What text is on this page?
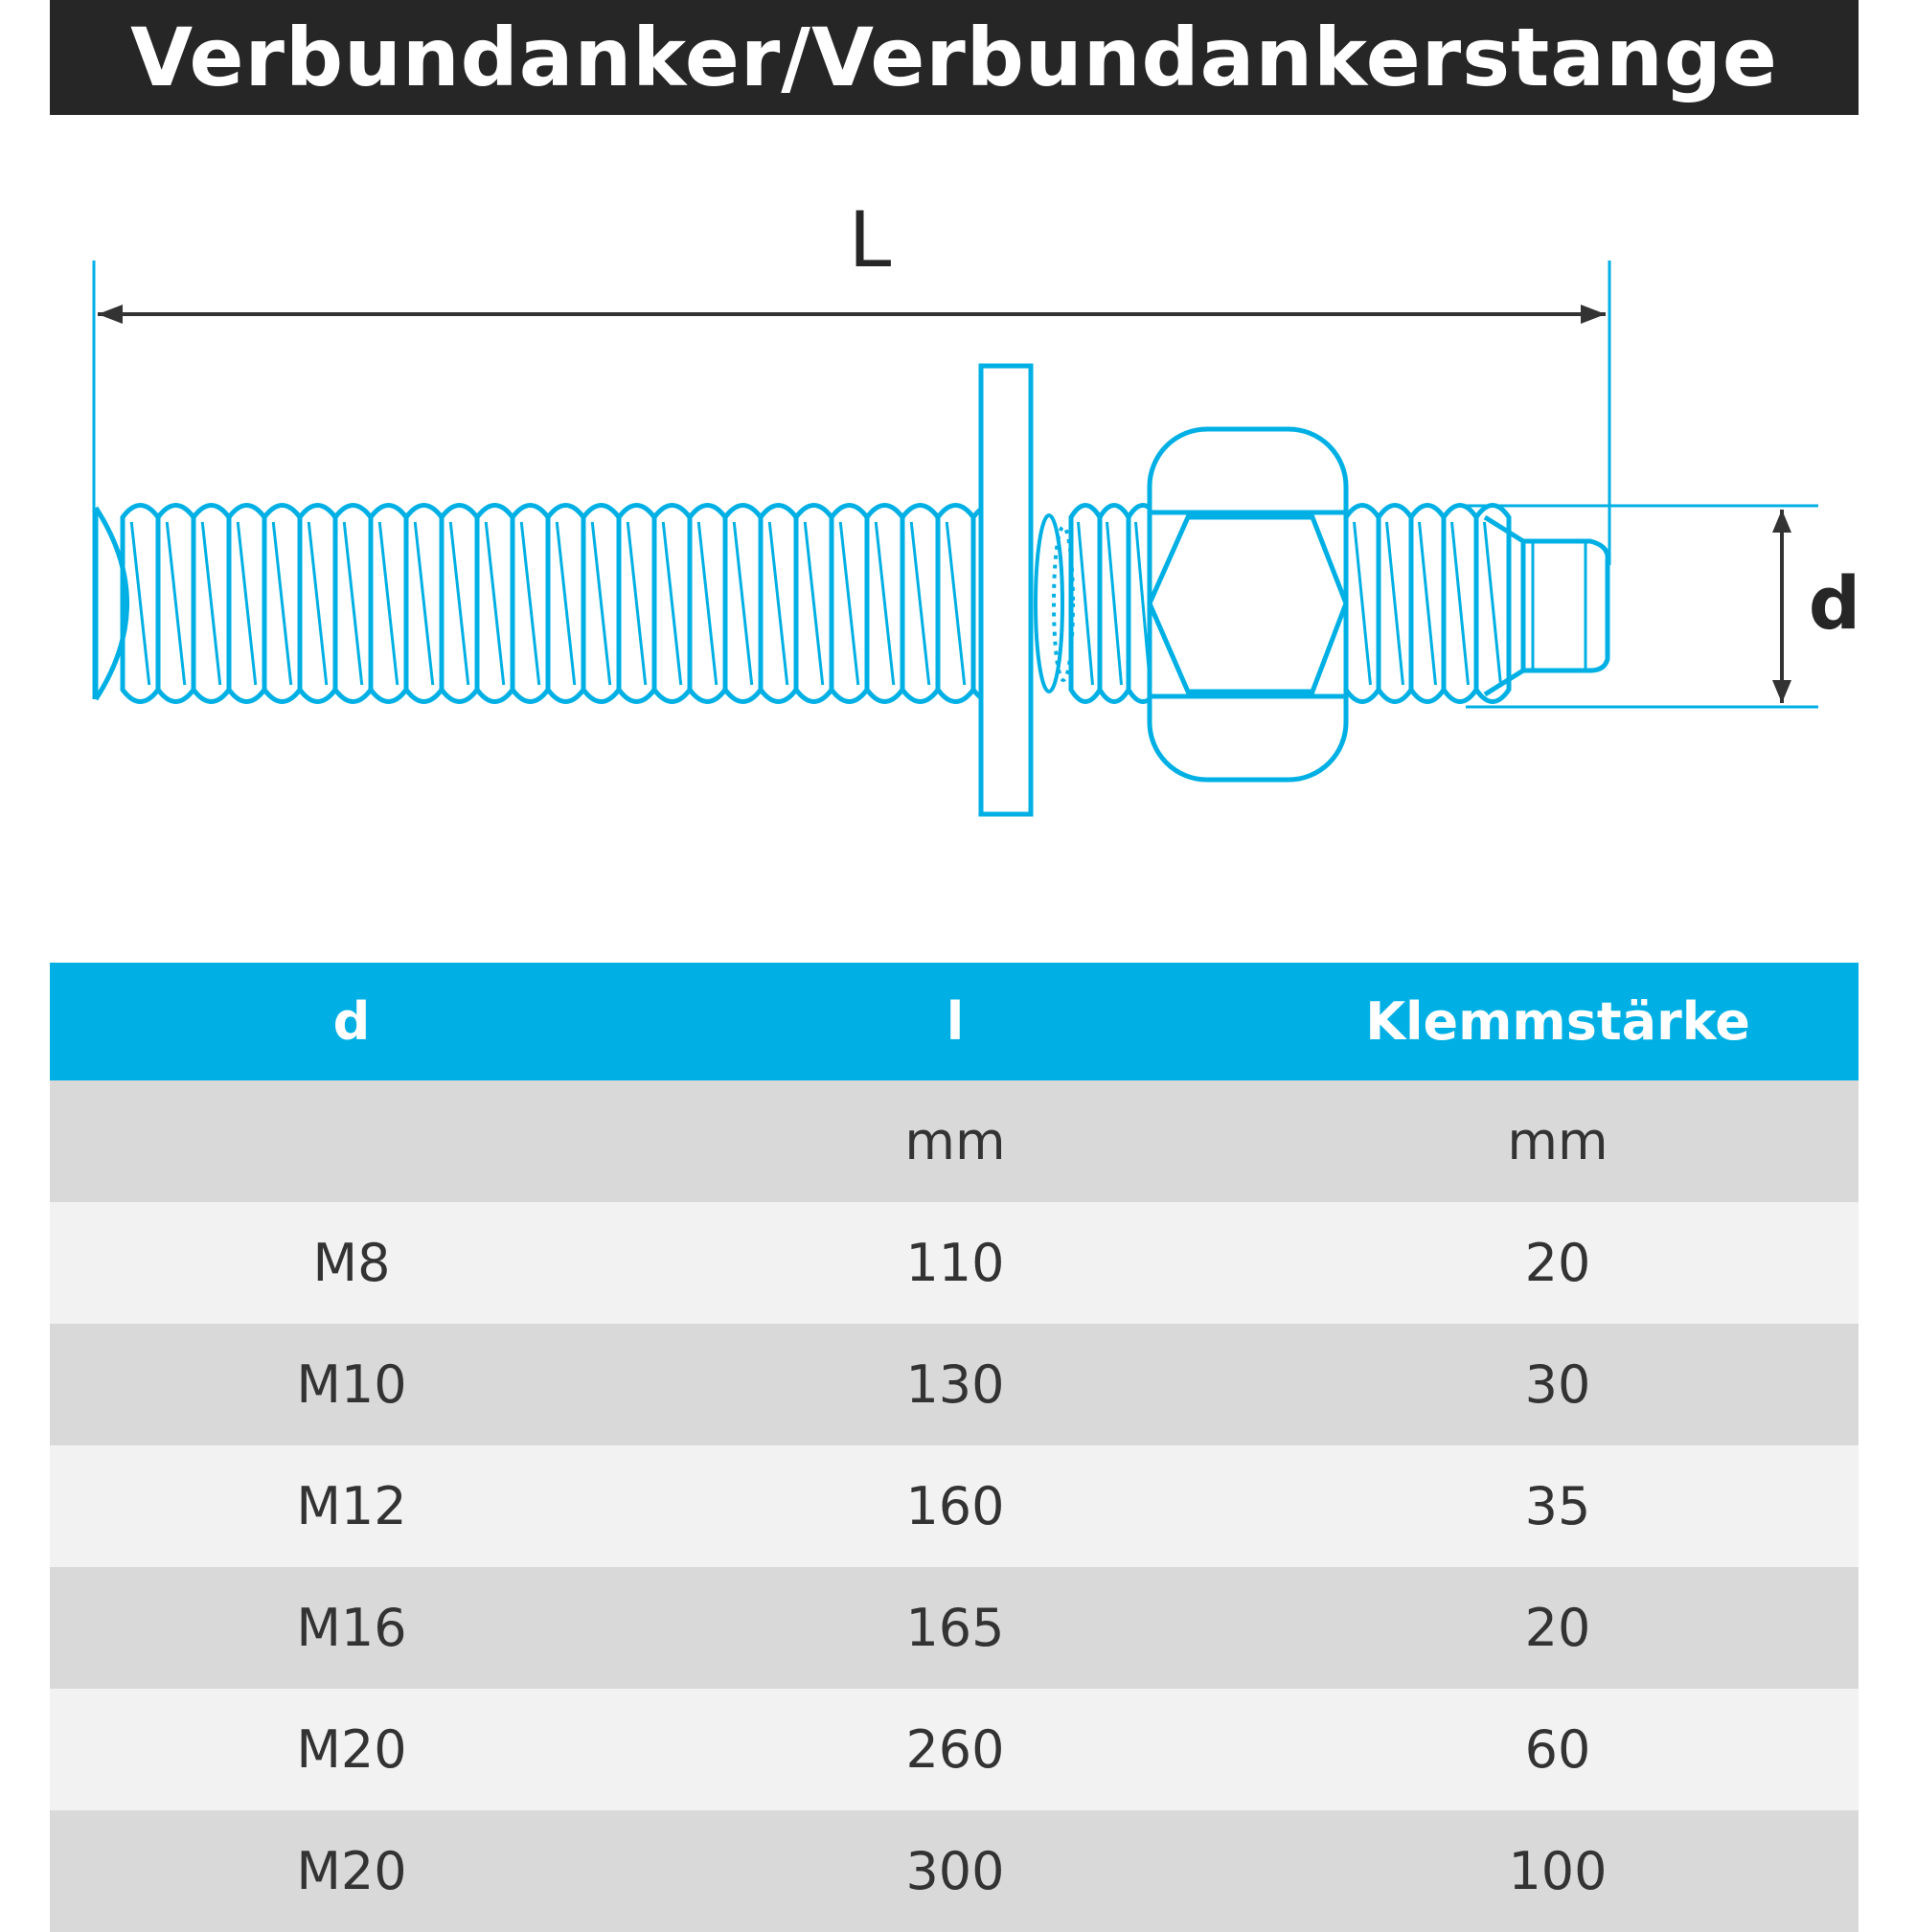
Verbundanker/Verbundankerstange
L
d
d	l	Klemmstärke
	mm	mm
M8	110	20
M10	130	30
M12	160	35
M16	165	20
M20	260	60
M20	300	100
